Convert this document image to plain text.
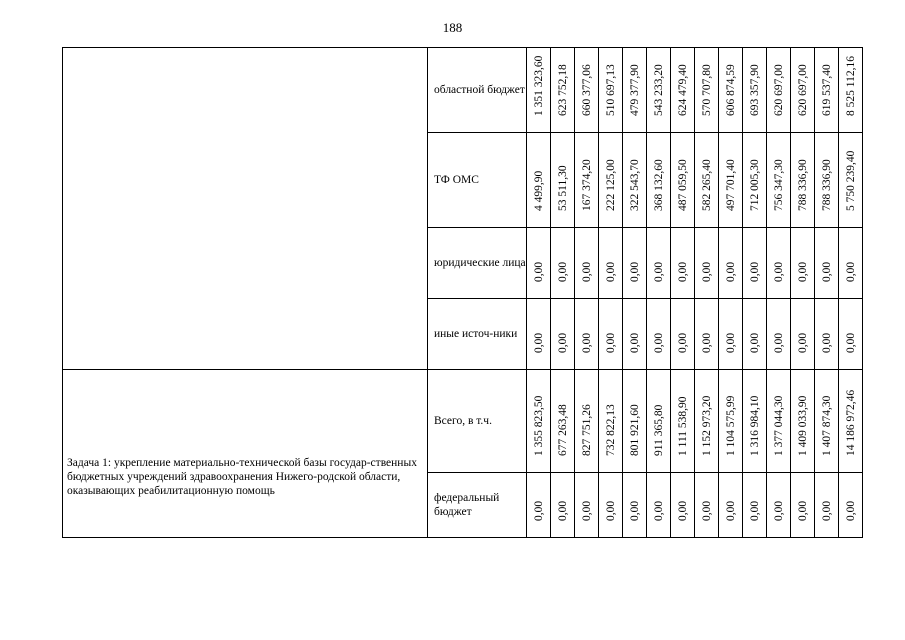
188
	областной бюджет	1 351 323,60	623 752,18	660 377,06	510 697,13	479 377,90	543 233,20	624 479,40	570 707,80	606 874,59	693 357,90	620 697,00	620 697,00	619 537,40	8 525 112,16

	ТФ ОМС	4 499,90	53 511,30	167 374,20	222 125,00	322 543,70	368 132,60	487 059,50	582 265,40	497 701,40	712 005,30	756 347,30	788 336,90	788 336,90	5 750 239,40

	юридические лица	0,00	0,00	0,00	0,00	0,00	0,00	0,00	0,00	0,00	0,00	0,00	0,00	0,00	0,00

	иные источ-ники	0,00	0,00	0,00	0,00	0,00	0,00	0,00	0,00	0,00	0,00	0,00	0,00	0,00	0,00

Задача 1: укрепление материально-технической базы государ-ственных бюджетных учреждений здравоохранения Нижего-родской области, оказывающих реабилитационную помощь	Всего, в т.ч.	1 355 823,50	677 263,48	827 751,26	732 822,13	801 921,60	911 365,80	1 111 538,90	1 152 973,20	1 104 575,99	1 316 984,10	1 377 044,30	1 409 033,90	1 407 874,30	14 186 972,46

	федеральный бюджет	0,00	0,00	0,00	0,00	0,00	0,00	0,00	0,00	0,00	0,00	0,00	0,00	0,00	0,00
